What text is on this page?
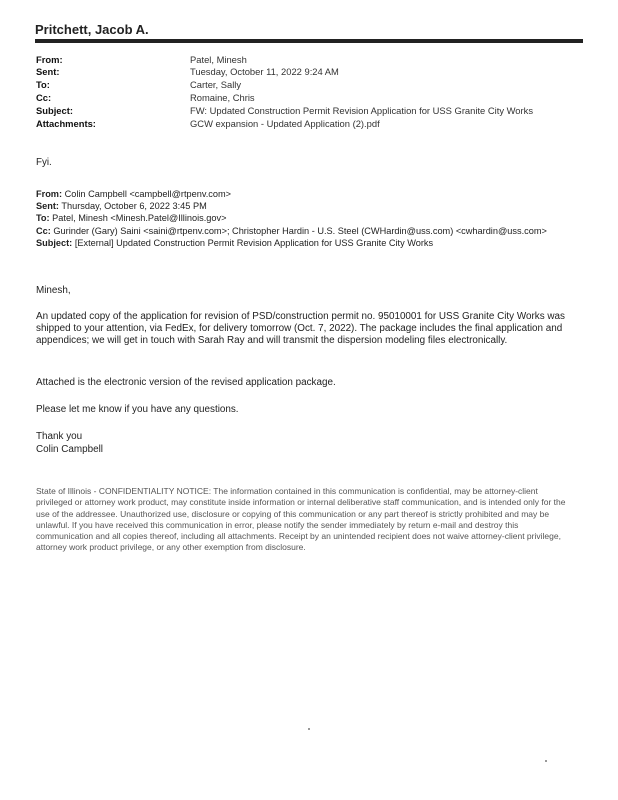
Pritchett, Jacob A.
From:	Patel, Minesh
Sent:	Tuesday, October 11, 2022 9:24 AM
To:	Carter, Sally
Cc:	Romaine, Chris
Subject:	FW: Updated Construction Permit Revision Application for USS Granite City Works
Attachments:	GCW expansion - Updated Application (2).pdf
Fyi.
From: Colin Campbell <campbell@rtpenv.com>
Sent: Thursday, October 6, 2022 3:45 PM
To: Patel, Minesh <Minesh.Patel@Illinois.gov>
Cc: Gurinder (Gary) Saini <saini@rtpenv.com>; Christopher Hardin - U.S. Steel (CWHardin@uss.com) <cwhardin@uss.com>
Subject: [External] Updated Construction Permit Revision Application for USS Granite City Works
Minesh,
An updated copy of the application for revision of PSD/construction permit no. 95010001 for USS Granite City Works was shipped to your attention, via FedEx, for delivery tomorrow (Oct. 7, 2022). The package includes the final application and appendices; we will get in touch with Sarah Ray and will transmit the dispersion modeling files electronically.
Attached is the electronic version of the revised application package.
Please let me know if you have any questions.
Thank you
Colin Campbell
State of Illinois - CONFIDENTIALITY NOTICE: The information contained in this communication is confidential, may be attorney-client privileged or attorney work product, may constitute inside information or internal deliberative staff communication, and is intended only for the use of the addressee. Unauthorized use, disclosure or copying of this communication or any part thereof is strictly prohibited and may be unlawful. If you have received this communication in error, please notify the sender immediately by return e-mail and destroy this communication and all copies thereof, including all attachments. Receipt by an unintended recipient does not waive attorney-client privilege, attorney work product privilege, or any other exemption from disclosure.
